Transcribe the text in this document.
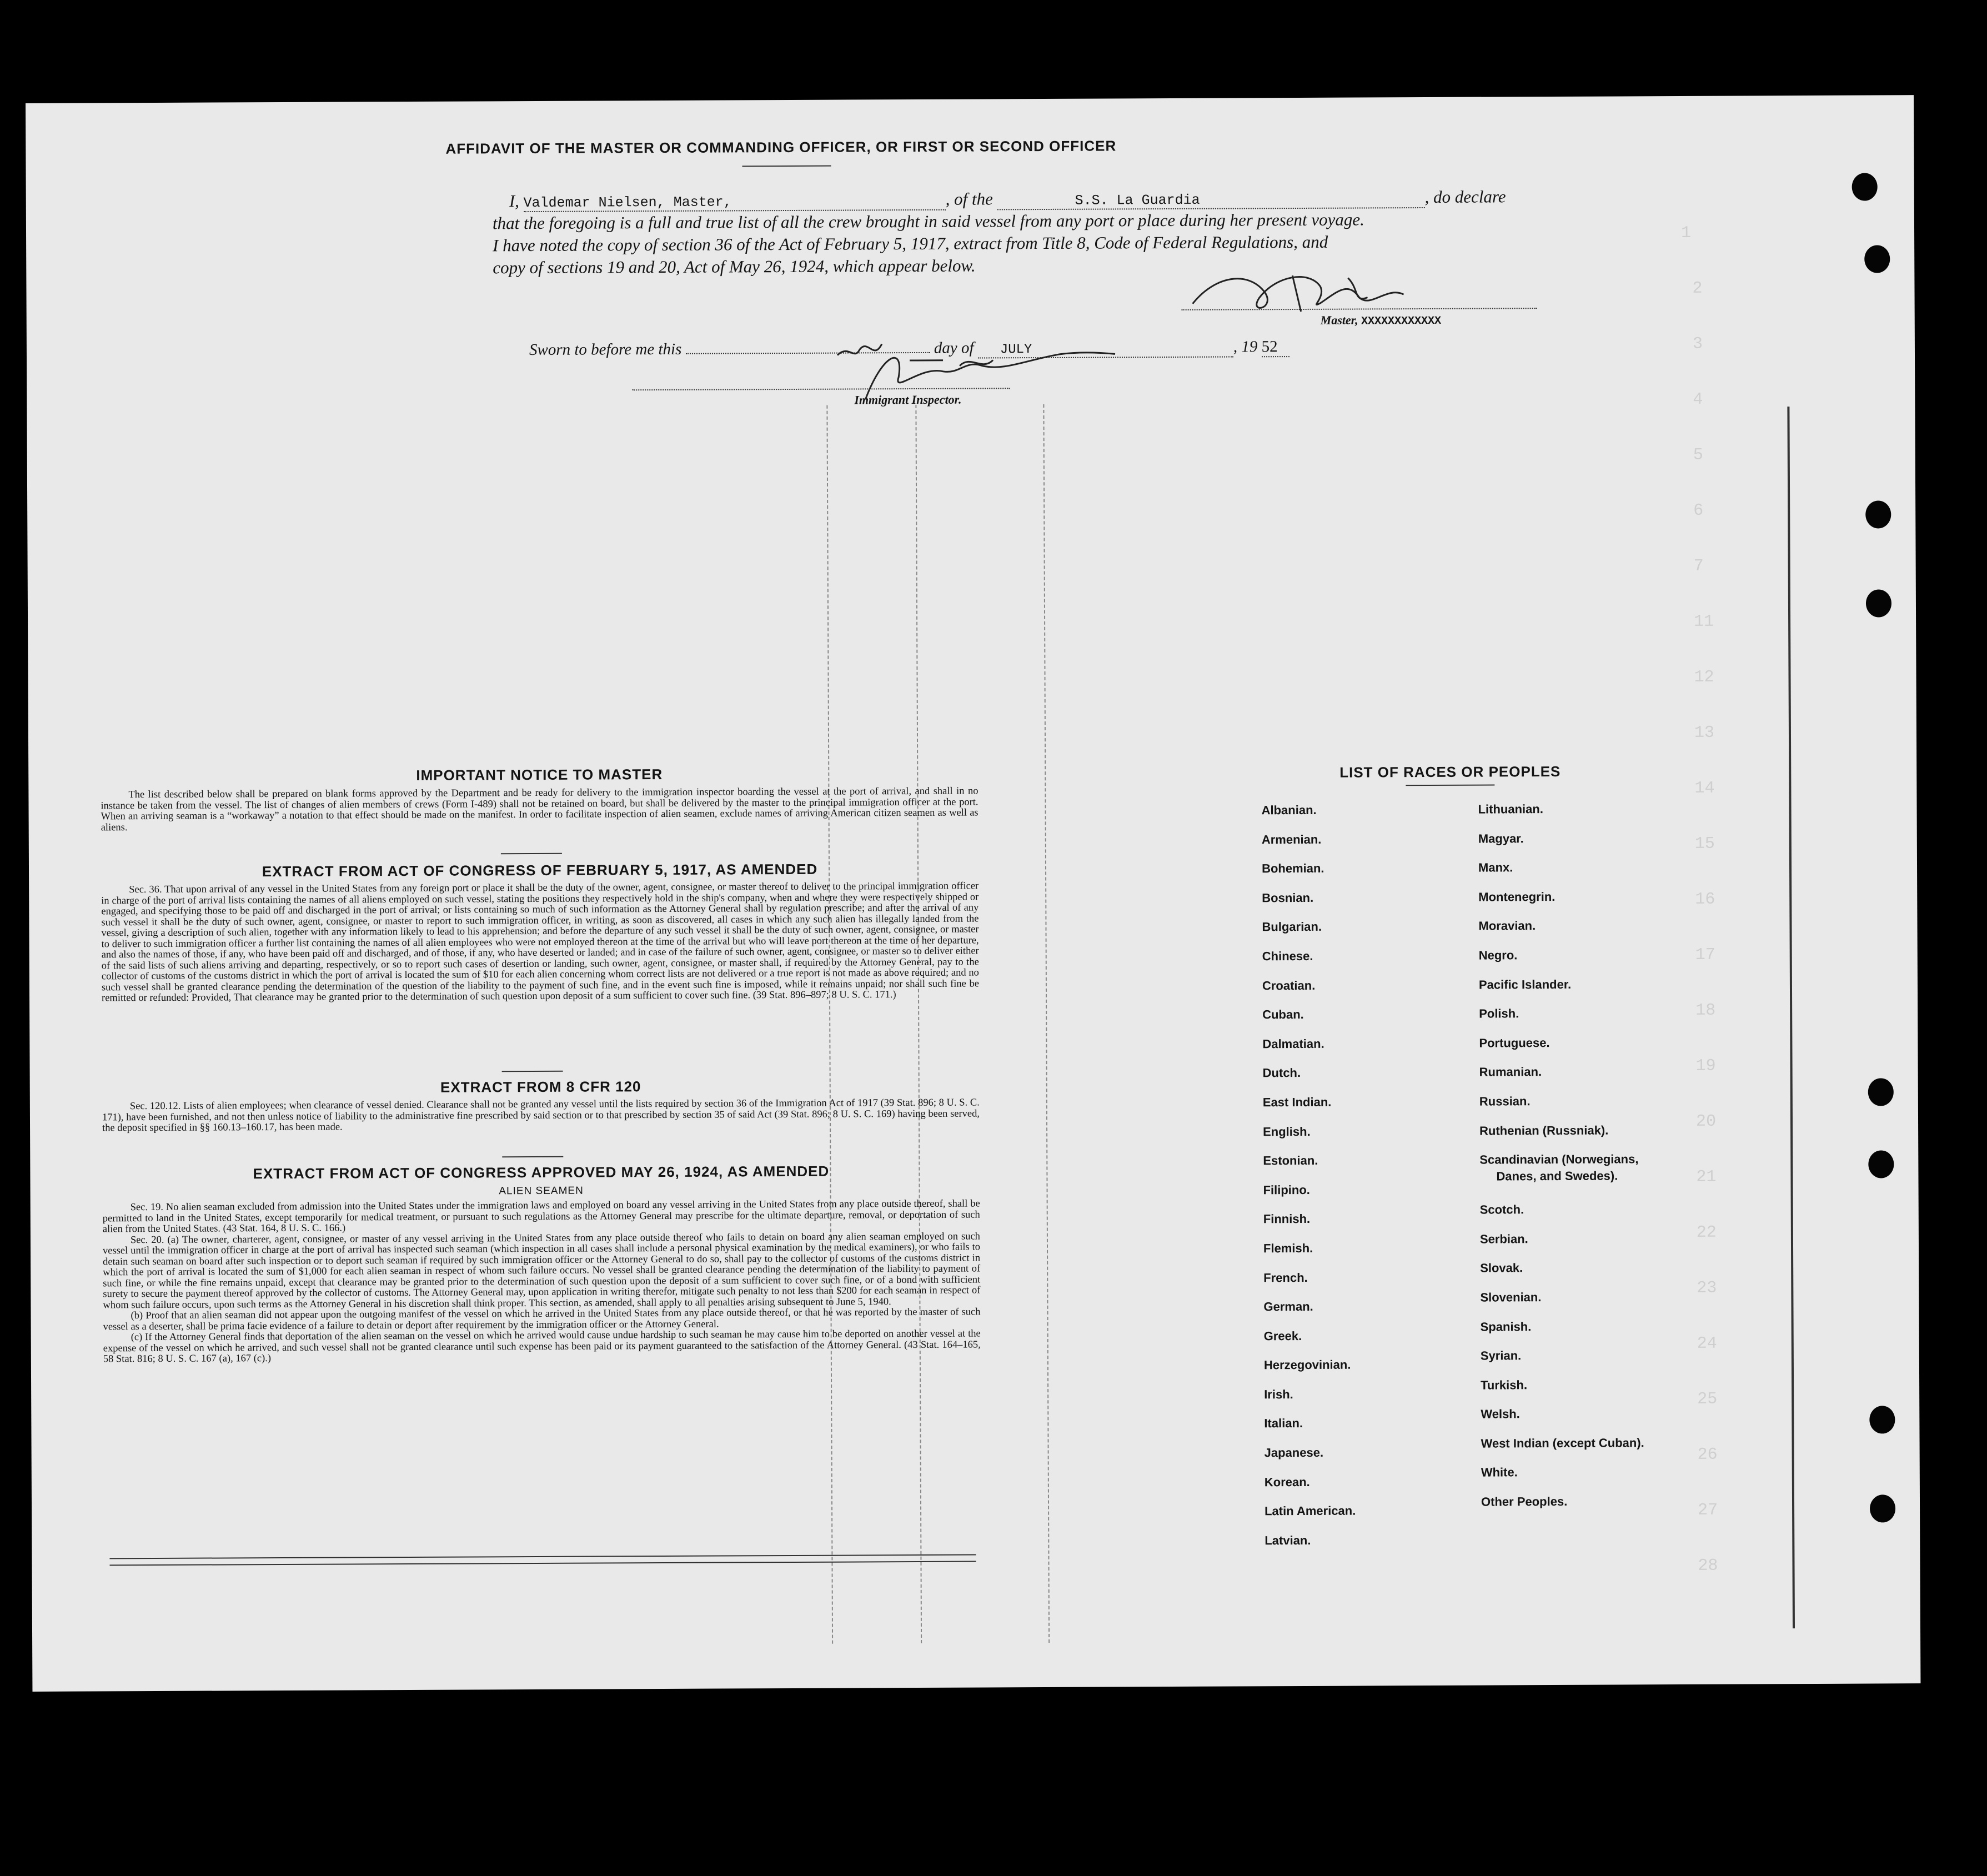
1
2
3
4
5
6
7
11
12
13
14
15
16
17
18
19
20
21
22
23
24
25
26
27
28
AFFIDAVIT OF THE MASTER OR COMMANDING OFFICER, OR FIRST OR SECOND OFFICER
I, Valdemar Nielsen, Master,	, of the	S.S. La Guardia	, do declare
that the foregoing is a full and true list of all the crew brought in said vessel from any port or place during her present voyage.
I have noted the copy of section 36 of the Act of February 5, 1917, extract from Title 8, Code of Federal Regulations, and
copy of sections 19 and 20, Act of May 26, 1924, which appear below.
Master, XXXXXXXXXXXX
Sworn to before me this	day of JULY	, 19 52
Immigrant Inspector.
IMPORTANT NOTICE TO MASTER

The list described below shall be prepared on blank forms approved by the Department and be ready for delivery to the immigration inspector boarding the vessel at the port of arrival, and shall in no instance be taken from the vessel. The list of changes of alien members of crews (Form I-489) shall not be retained on board, but shall be delivered by the master to the principal immigration officer at the port. When an arriving seaman is a “workaway” a notation to that effect should be made on the manifest. In order to facilitate inspection of alien seamen, exclude names of arriving American citizen seamen as well as aliens.

EXTRACT FROM ACT OF CONGRESS OF FEBRUARY 5, 1917, AS AMENDED

Sec. 36. That upon arrival of any vessel in the United States from any foreign port or place it shall be the duty of the owner, agent, consignee, or master thereof to deliver to the principal immigration officer in charge of the port of arrival lists containing the names of all aliens employed on such vessel, stating the positions they respectively hold in the ship's company, when and where they were respectively shipped or engaged, and specifying those to be paid off and discharged in the port of arrival; or lists containing so much of such information as the Attorney General shall by regulation prescribe; and after the arrival of any such vessel it shall be the duty of such owner, agent, consignee, or master to report to such immigration officer, in writing, as soon as discovered, all cases in which any such alien has illegally landed from the vessel, giving a description of such alien, together with any information likely to lead to his apprehension; and before the departure of any such vessel it shall be the duty of such owner, agent, consignee, or master to deliver to such immigration officer a further list containing the names of all alien employees who were not employed thereon at the time of the arrival but who will leave port thereon at the time of her departure, and also the names of those, if any, who have been paid off and discharged, and of those, if any, who have deserted or landed; and in case of the failure of such owner, agent, consignee, or master so to deliver either of the said lists of such aliens arriving and departing, respectively, or so to report such cases of desertion or landing, such owner, agent, consignee, or master shall, if required by the Attorney General, pay to the collector of customs of the customs district in which the port of arrival is located the sum of $10 for each alien concerning whom correct lists are not delivered or a true report is not made as above required; and no such vessel shall be granted clearance pending the determination of the question of the liability to the payment of such fine, and in the event such fine is imposed, while it remains unpaid; nor shall such fine be remitted or refunded: Provided, That clearance may be granted prior to the determination of such question upon deposit of a sum sufficient to cover such fine. (39 Stat. 896–897; 8 U. S. C. 171.)

EXTRACT FROM 8 CFR 120

Sec. 120.12. Lists of alien employees; when clearance of vessel denied. Clearance shall not be granted any vessel until the lists required by section 36 of the Immigration Act of 1917 (39 Stat. 896; 8 U. S. C. 171), have been furnished, and not then unless notice of liability to the administrative fine prescribed by said section or to that prescribed by section 35 of said Act (39 Stat. 896; 8 U. S. C. 169) having been served, the deposit specified in §§ 160.13–160.17, has been made.

EXTRACT FROM ACT OF CONGRESS APPROVED MAY 26, 1924, AS AMENDED
ALIEN SEAMEN

Sec. 19. No alien seaman excluded from admission into the United States under the immigration laws and employed on board any vessel arriving in the United States from any place outside thereof, shall be permitted to land in the United States, except temporarily for medical treatment, or pursuant to such regulations as the Attorney General may prescribe for the ultimate departure, removal, or deportation of such alien from the United States. (43 Stat. 164, 8 U. S. C. 166.)

Sec. 20. (a) The owner, charterer, agent, consignee, or master of any vessel arriving in the United States from any place outside thereof who fails to detain on board any alien seaman employed on such vessel until the immigration officer in charge at the port of arrival has inspected such seaman (which inspection in all cases shall include a personal physical examination by the medical examiners), or who fails to detain such seaman on board after such inspection or to deport such seaman if required by such immigration officer or the Attorney General to do so, shall pay to the collector of customs of the customs district in which the port of arrival is located the sum of $1,000 for each alien seaman in respect of whom such failure occurs. No vessel shall be granted clearance pending the determination of the liability to payment of such fine, or while the fine remains unpaid, except that clearance may be granted prior to the determination of such question upon the deposit of a sum sufficient to cover such fine, or of a bond with sufficient surety to secure the payment thereof approved by the collector of customs. The Attorney General may, upon application in writing therefor, mitigate such penalty to not less than $200 for each seaman in respect of whom such failure occurs, upon such terms as the Attorney General in his discretion shall think proper. This section, as amended, shall apply to all penalties arising subsequent to June 5, 1940.

(b) Proof that an alien seaman did not appear upon the outgoing manifest of the vessel on which he arrived in the United States from any place outside thereof, or that he was reported by the master of such vessel as a deserter, shall be prima facie evidence of a failure to detain or deport after requirement by the immigration officer or the Attorney General.

(c) If the Attorney General finds that deportation of the alien seaman on the vessel on which he arrived would cause undue hardship to such seaman he may cause him to be deported on another vessel at the expense of the vessel on which he arrived, and such vessel shall not be granted clearance until such expense has been paid or its payment guaranteed to the satisfaction of the Attorney General. (43 Stat. 164–165, 58 Stat. 816; 8 U. S. C. 167 (a), 167 (c).)

LIST OF RACES OR PEOPLES
Albanian.
Armenian.
Bohemian.
Bosnian.
Bulgarian.
Chinese.
Croatian.
Cuban.
Dalmatian.
Dutch.
East Indian.
English.
Estonian.
Filipino.
Finnish.
Flemish.
French.
German.
Greek.
Herzegovinian.
Irish.
Italian.
Japanese.
Korean.
Latin American.
Latvian.
Lithuanian.
Magyar.
Manx.
Montenegrin.
Moravian.
Negro.
Pacific Islander.
Polish.
Portuguese.
Rumanian.
Russian.
Ruthenian (Russniak).
Scandinavian (Norwegians,
Danes, and Swedes).
Scotch.
Serbian.
Slovak.
Slovenian.
Spanish.
Syrian.
Turkish.
Welsh.
West Indian (except Cuban).
White.
Other Peoples.
